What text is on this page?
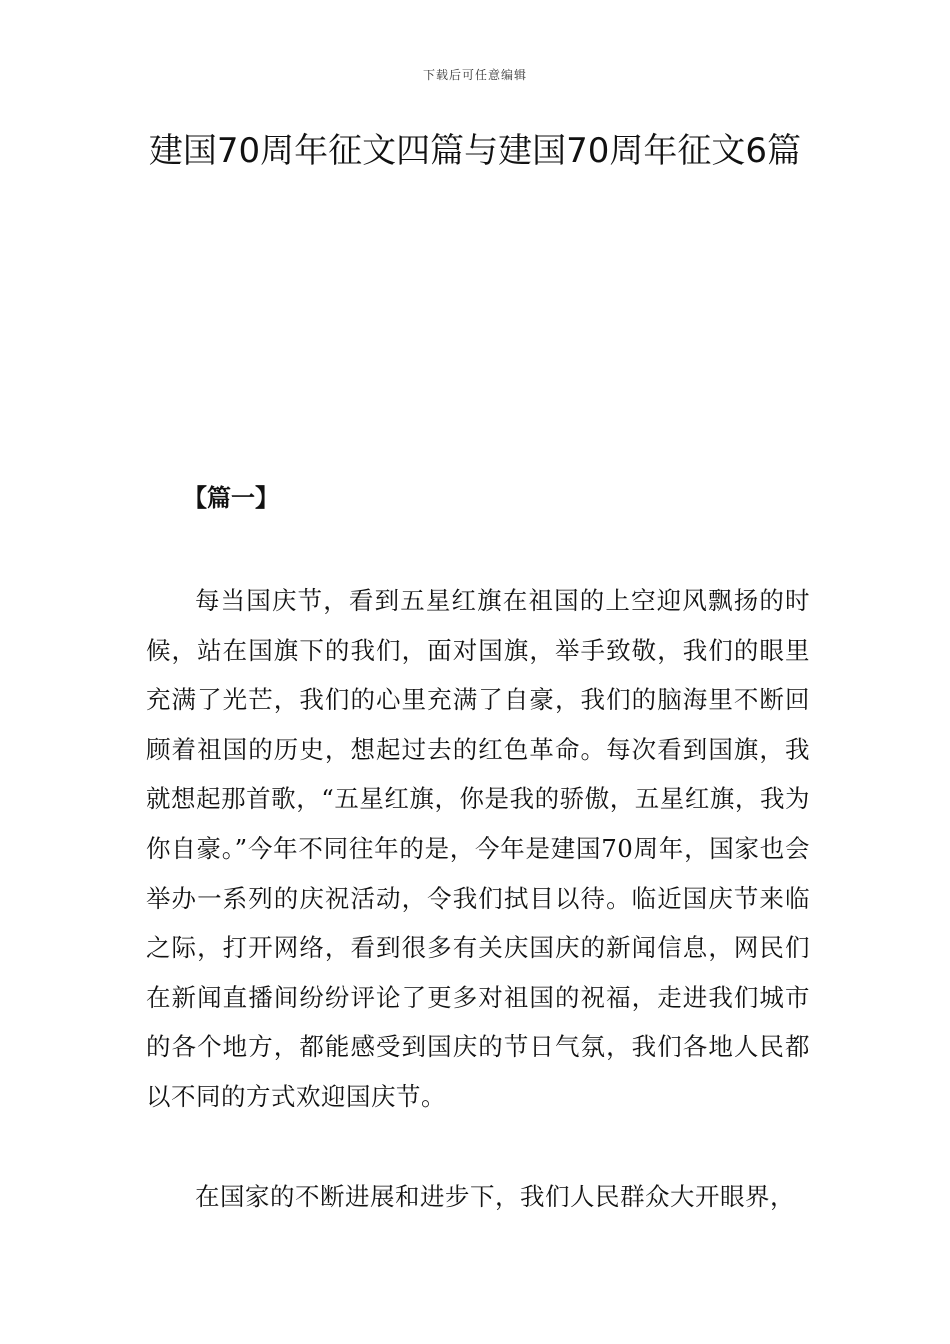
下载后可任意编辑
建国70周年征文四篇与建国70周年征文6篇
【篇一】

每当国庆节，看到五星红旗在祖国的上空迎风飘扬的时候，站在国旗下的我们，面对国旗，举手致敬，我们的眼里充满了光芒，我们的心里充满了自豪，我们的脑海里不断回顾着祖国的历史，想起过去的红色革命。每次看到国旗，我就想起那首歌，“五星红旗，你是我的骄傲，五星红旗，我为你自豪。”今年不同往年的是，今年是建国70周年，国家也会举办一系列的庆祝活动，令我们拭目以待。临近国庆节来临之际，打开网络，看到很多有关庆国庆的新闻信息，网民们在新闻直播间纷纷评论了更多对祖国的祝福，走进我们城市的各个地方，都能感受到国庆的节日气氛，我们各地人民都以不同的方式欢迎国庆节。

在国家的不断进展和进步下，我们人民群众大开眼界，
